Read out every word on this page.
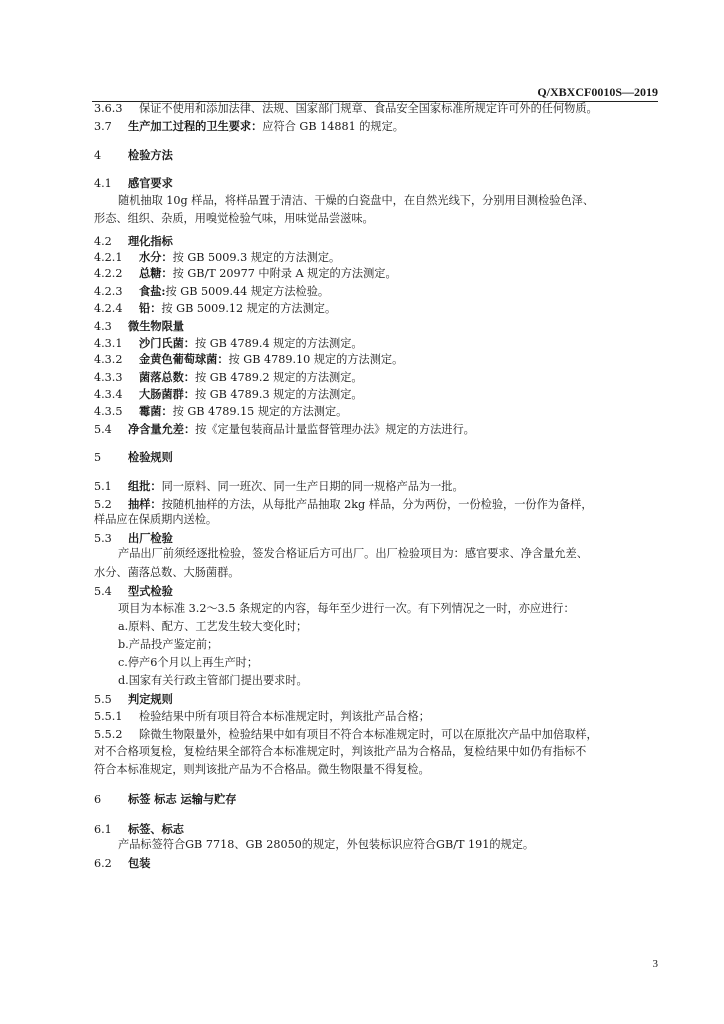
Q/XBXCF0010S—2019
3.6.3 保证不使用和添加法律、法规、国家部门规章、食品安全国家标准所规定许可外的任何物质。
3.7 生产加工过程的卫生要求：应符合 GB 14881 的规定。
4 检验方法
4.1 感官要求
随机抽取 10g 样品，将样品置于清洁、干燥的白瓷盘中，在自然光线下，分别用目测检验色泽、
形态、组织、杂质，用嗅觉检验气味，用味觉品尝滋味。
4.2 理化指标
4.2.1 水分：按 GB 5009.3 规定的方法测定。
4.2.2 总糖：按 GB/T 20977 中附录 A 规定的方法测定。
4.2.3 食盐:按 GB 5009.44 规定方法检验。
4.2.4 铅：按 GB 5009.12 规定的方法测定。
4.3 微生物限量
4.3.1 沙门氏菌：按 GB 4789.4 规定的方法测定。
4.3.2 金黄色葡萄球菌：按 GB 4789.10 规定的方法测定。
4.3.3 菌落总数：按 GB 4789.2 规定的方法测定。
4.3.4 大肠菌群：按 GB 4789.3 规定的方法测定。
4.3.5 霉菌：按 GB 4789.15 规定的方法测定。
5.4 净含量允差：按《定量包装商品计量监督管理办法》规定的方法进行。
5 检验规则
5.1 组批：同一原料、同一班次、同一生产日期的同一规格产品为一批。
5.2 抽样：按随机抽样的方法，从每批产品抽取 2kg 样品，分为两份，一份检验，一份作为备样，
样品应在保质期内送检。
5.3 出厂检验
产品出厂前须经逐批检验，签发合格证后方可出厂。出厂检验项目为：感官要求、净含量允差、
水分、菌落总数、大肠菌群。
5.4 型式检验
项目为本标准 3.2～3.5 条规定的内容，每年至少进行一次。有下列情况之一时，亦应进行：
a.原料、配方、工艺发生较大变化时；
b.产品投产鉴定前；
c.停产6个月以上再生产时；
d.国家有关行政主管部门提出要求时。
5.5 判定规则
5.5.1 检验结果中所有项目符合本标准规定时，判该批产品合格；
5.5.2 除微生物限量外，检验结果中如有项目不符合本标准规定时，可以在原批次产品中加倍取样，
对不合格项复检，复检结果全部符合本标准规定时，判该批产品为合格品，复检结果中如仍有指标不
符合本标准规定，则判该批产品为不合格品。微生物限量不得复检。
6 标签 标志 运输与贮存
6.1 标签、标志
产品标签符合GB 7718、GB 28050的规定，外包装标识应符合GB/T 191的规定。
6.2 包装
3
